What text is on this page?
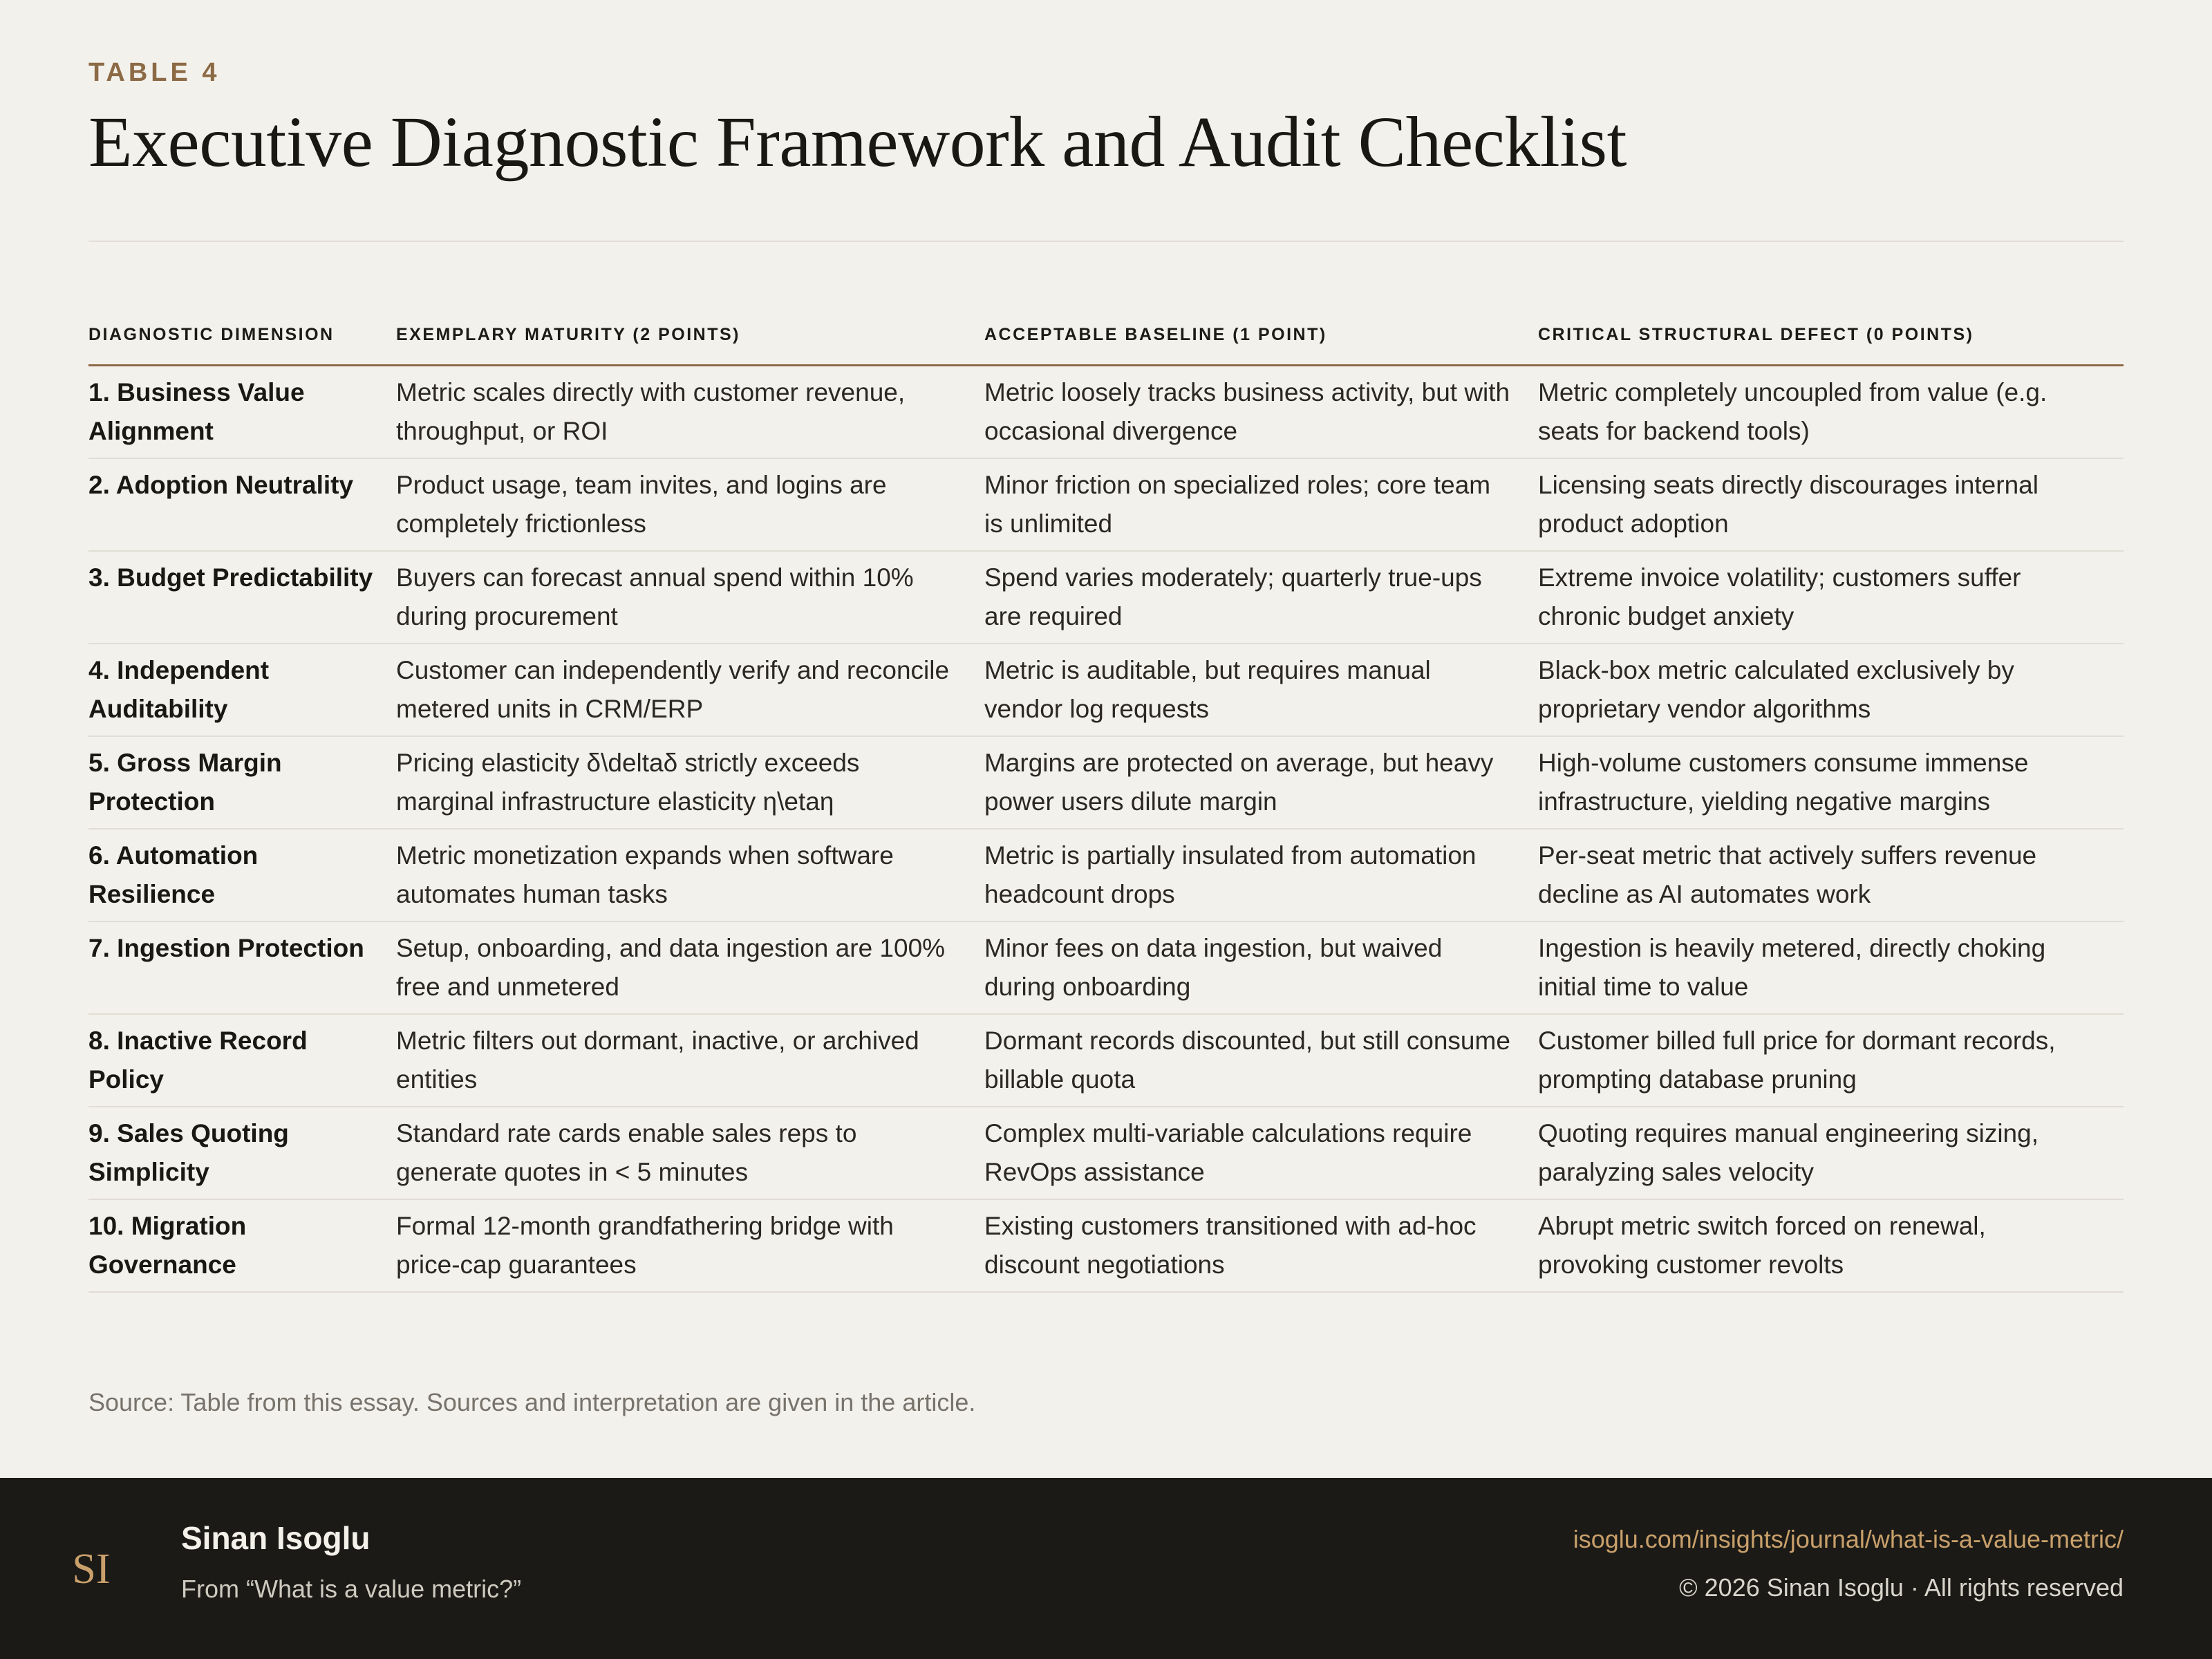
TABLE 4
Executive Diagnostic Framework and Audit Checklist
DIAGNOSTIC DIMENSION	EXEMPLARY MATURITY (2 POINTS)	ACCEPTABLE BASELINE (1 POINT)	CRITICAL STRUCTURAL DEFECT (0 POINTS)
1. Business Value Alignment	Metric scales directly with customer revenue, throughput, or ROI	Metric loosely tracks business activity, but with occasional divergence	Metric completely uncoupled from value (e.g. seats for backend tools)
2. Adoption Neutrality	Product usage, team invites, and logins are completely frictionless	Minor friction on specialized roles; core team is unlimited	Licensing seats directly discourages internal product adoption
3. Budget Predictability	Buyers can forecast annual spend within 10% during procurement	Spend varies moderately; quarterly true-ups are required	Extreme invoice volatility; customers suffer chronic budget anxiety
4. Independent Auditability	Customer can independently verify and reconcile metered units in CRM/ERP	Metric is auditable, but requires manual vendor log requests	Black-box metric calculated exclusively by proprietary vendor algorithms
5. Gross Margin Protection	Pricing elasticity δ\deltaδ strictly exceeds marginal infrastructure elasticity η\etaη	Margins are protected on average, but heavy power users dilute margin	High-volume customers consume immense infrastructure, yielding negative margins
6. Automation Resilience	Metric monetization expands when software automates human tasks	Metric is partially insulated from automation headcount drops	Per-seat metric that actively suffers revenue decline as AI automates work
7. Ingestion Protection	Setup, onboarding, and data ingestion are 100% free and unmetered	Minor fees on data ingestion, but waived during onboarding	Ingestion is heavily metered, directly choking initial time to value
8. Inactive Record Policy	Metric filters out dormant, inactive, or archived entities	Dormant records discounted, but still consume billable quota	Customer billed full price for dormant records, prompting database pruning
9. Sales Quoting Simplicity	Standard rate cards enable sales reps to generate quotes in < 5 minutes	Complex multi-variable calculations require RevOps assistance	Quoting requires manual engineering sizing, paralyzing sales velocity
10. Migration Governance	Formal 12-month grandfathering bridge with price-cap guarantees	Existing customers transitioned with ad-hoc discount negotiations	Abrupt metric switch forced on renewal, provoking customer revolts
Source: Table from this essay. Sources and interpretation are given in the article.
SI
Sinan Isoglu
From “What is a value metric?”
isoglu.com/insights/journal/what-is-a-value-metric/
© 2026 Sinan Isoglu · All rights reserved
